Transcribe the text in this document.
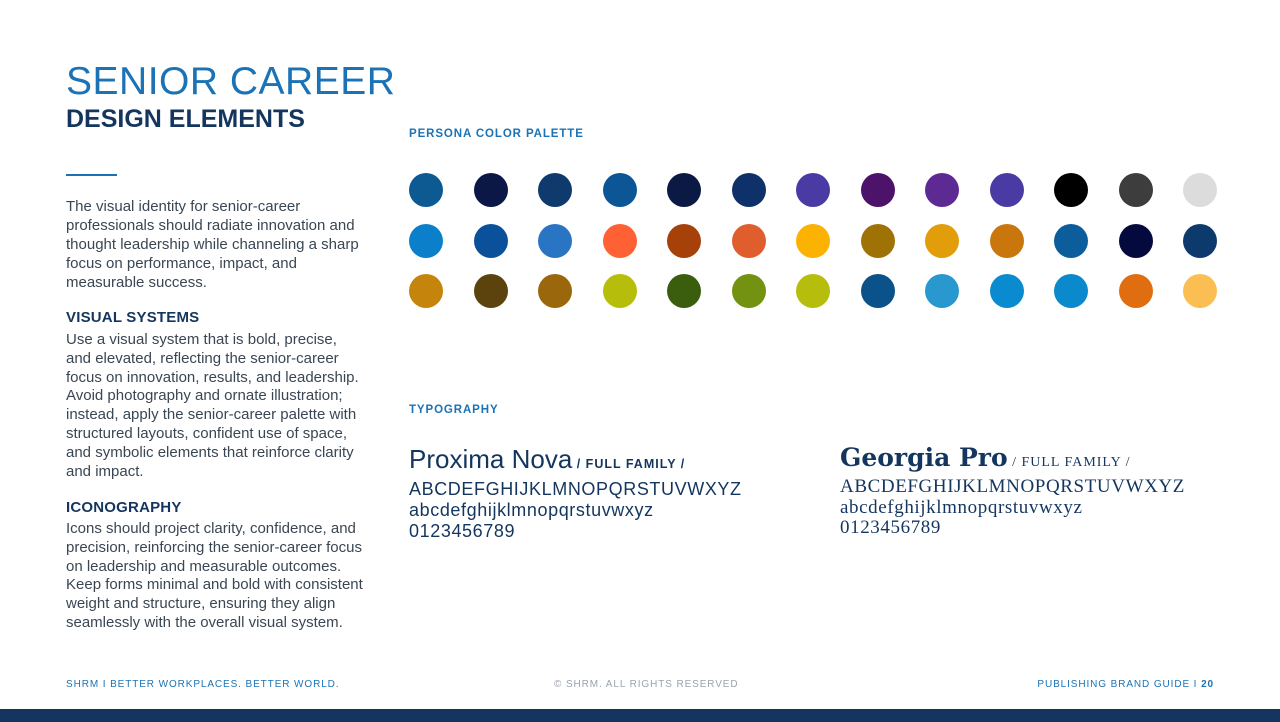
SENIOR CAREER
DESIGN ELEMENTS
The visual identity for senior-career professionals should radiate innovation and thought leadership while channeling a sharp focus on performance, impact, and measurable success.
VISUAL SYSTEMS
Use a visual system that is bold, precise, and elevated, reflecting the senior-career focus on innovation, results, and leadership. Avoid photography and ornate illustration; instead, apply the senior-career palette with structured layouts, confident use of space, and symbolic elements that reinforce clarity and impact.
ICONOGRAPHY
Icons should project clarity, confidence, and precision, reinforcing the senior-career focus on leadership and measurable outcomes. Keep forms minimal and bold with consistent weight and structure, ensuring they align seamlessly with the overall visual system.
PERSONA COLOR PALETTE
TYPOGRAPHY
Proxima Nova / FULL FAMILY /
ABCDEFGHIJKLMNOPQRSTUVWXYZ
abcdefghijklmnopqrstuvwxyz
0123456789
Georgia Pro / FULL FAMILY /
ABCDEFGHIJKLMNOPQRSTUVWXYZ
abcdefghijklmnopqrstuvwxyz
0123456789
SHRM I BETTER WORKPLACES. BETTER WORLD.	© SHRM. ALL RIGHTS RESERVED	PUBLISHING BRAND GUIDE I 20
